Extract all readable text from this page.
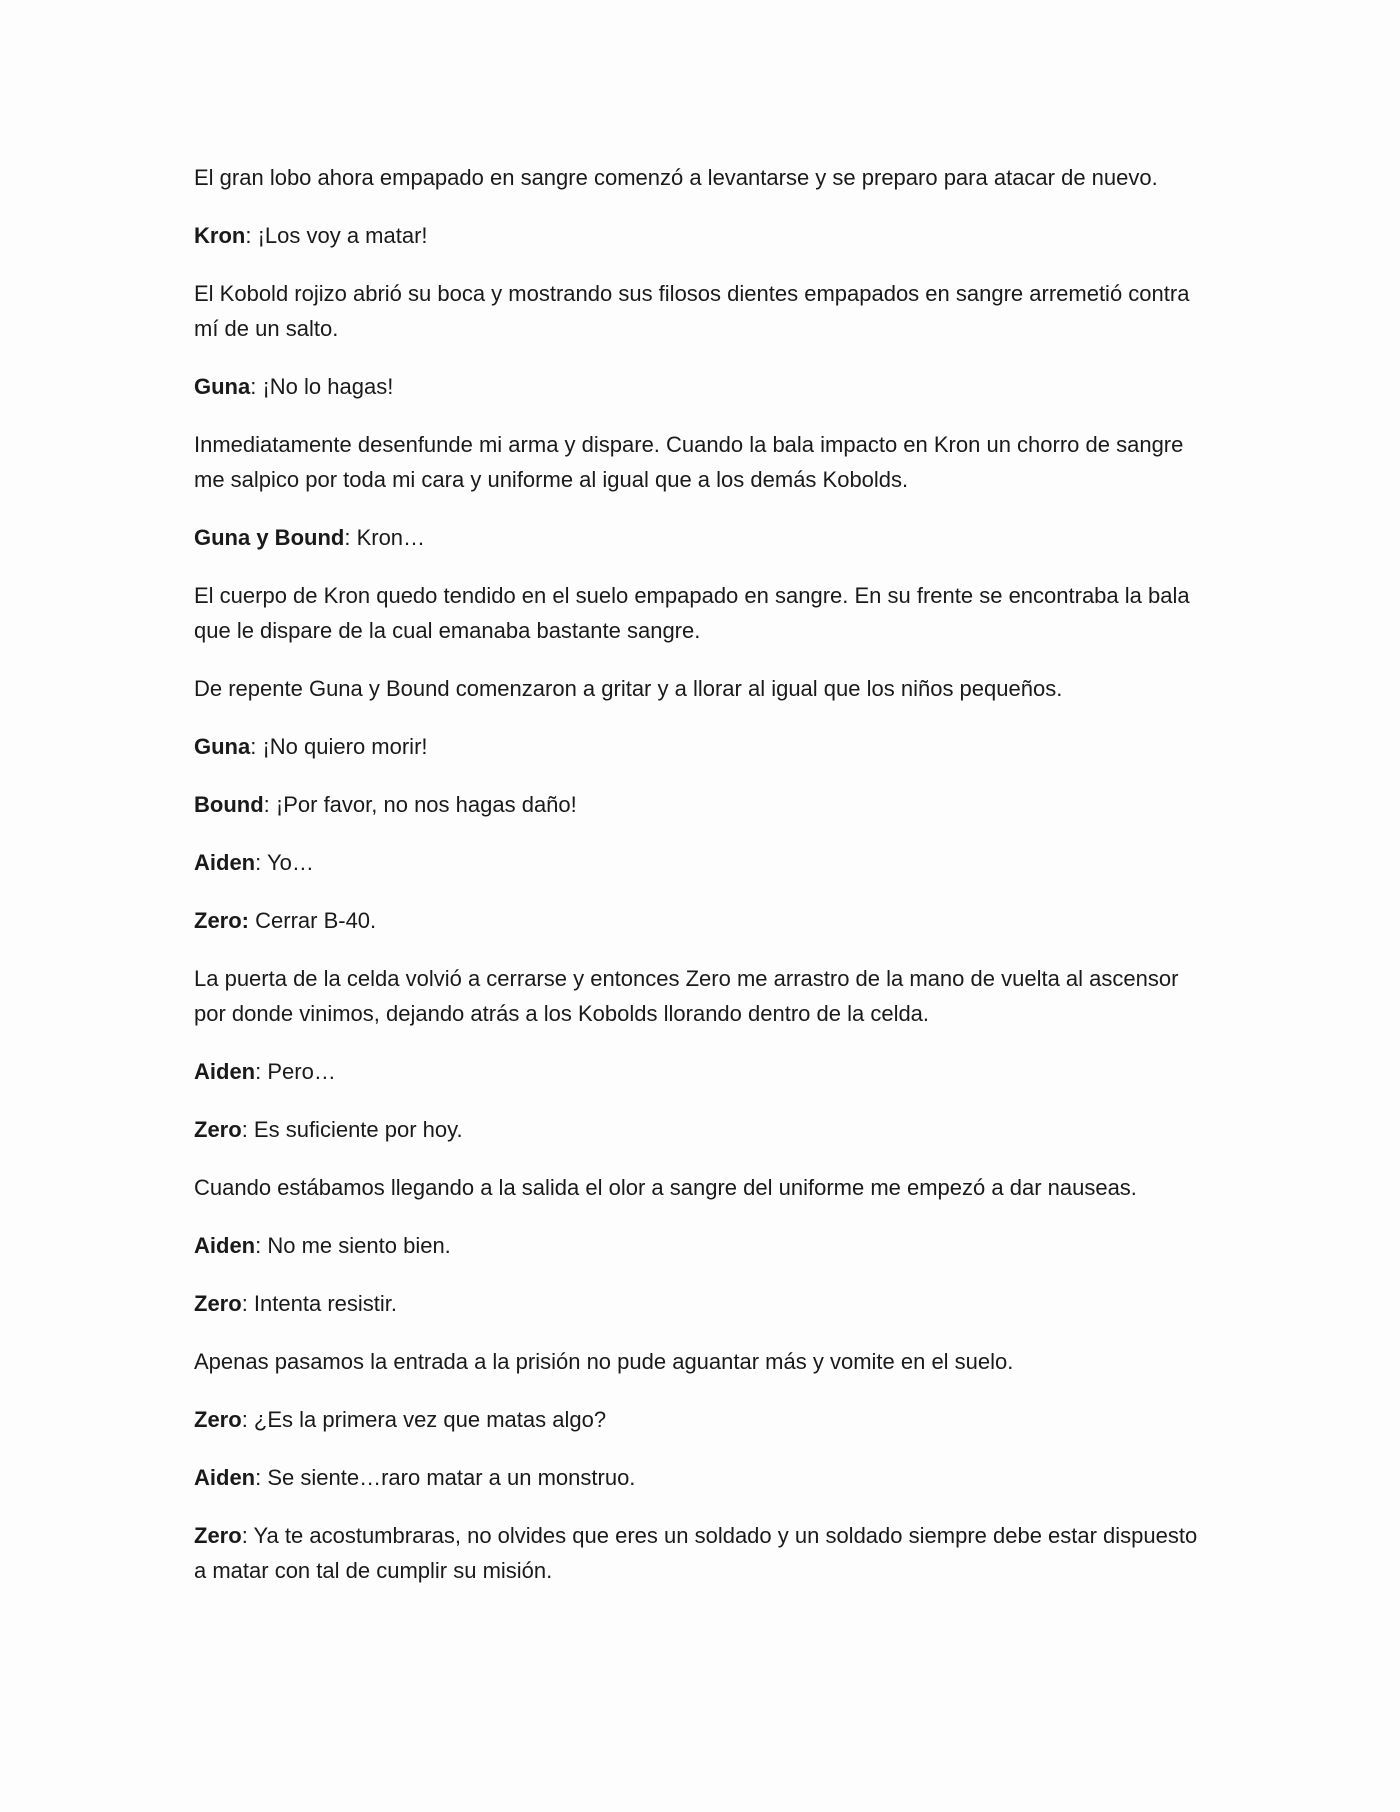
El gran lobo ahora empapado en sangre comenzó a levantarse y se preparo para atacar de nuevo.

Kron: ¡Los voy a matar!

El Kobold rojizo abrió su boca y mostrando sus filosos dientes empapados en sangre arremetió contra mí de un salto.

Guna: ¡No lo hagas!

Inmediatamente desenfunde mi arma y dispare. Cuando la bala impacto en Kron un chorro de sangre me salpico por toda mi cara y uniforme al igual que a los demás Kobolds.

Guna y Bound: Kron…

El cuerpo de Kron quedo tendido en el suelo empapado en sangre. En su frente se encontraba la bala que le dispare de la cual emanaba bastante sangre.

De repente Guna y Bound comenzaron a gritar y a llorar al igual que los niños pequeños.

Guna: ¡No quiero morir!

Bound: ¡Por favor, no nos hagas daño!

Aiden: Yo…

Zero: Cerrar B-40.

La puerta de la celda volvió a cerrarse y entonces Zero me arrastro de la mano de vuelta al ascensor por donde vinimos, dejando atrás a los Kobolds llorando dentro de la celda.

Aiden: Pero…

Zero: Es suficiente por hoy.

Cuando estábamos llegando a la salida el olor a sangre del uniforme me empezó a dar nauseas.

Aiden: No me siento bien.

Zero: Intenta resistir.

Apenas pasamos la entrada a la prisión no pude aguantar más y vomite en el suelo.

Zero: ¿Es la primera vez que matas algo?

Aiden: Se siente…raro matar a un monstruo.

Zero: Ya te acostumbraras, no olvides que eres un soldado y un soldado siempre debe estar dispuesto a matar con tal de cumplir su misión.
